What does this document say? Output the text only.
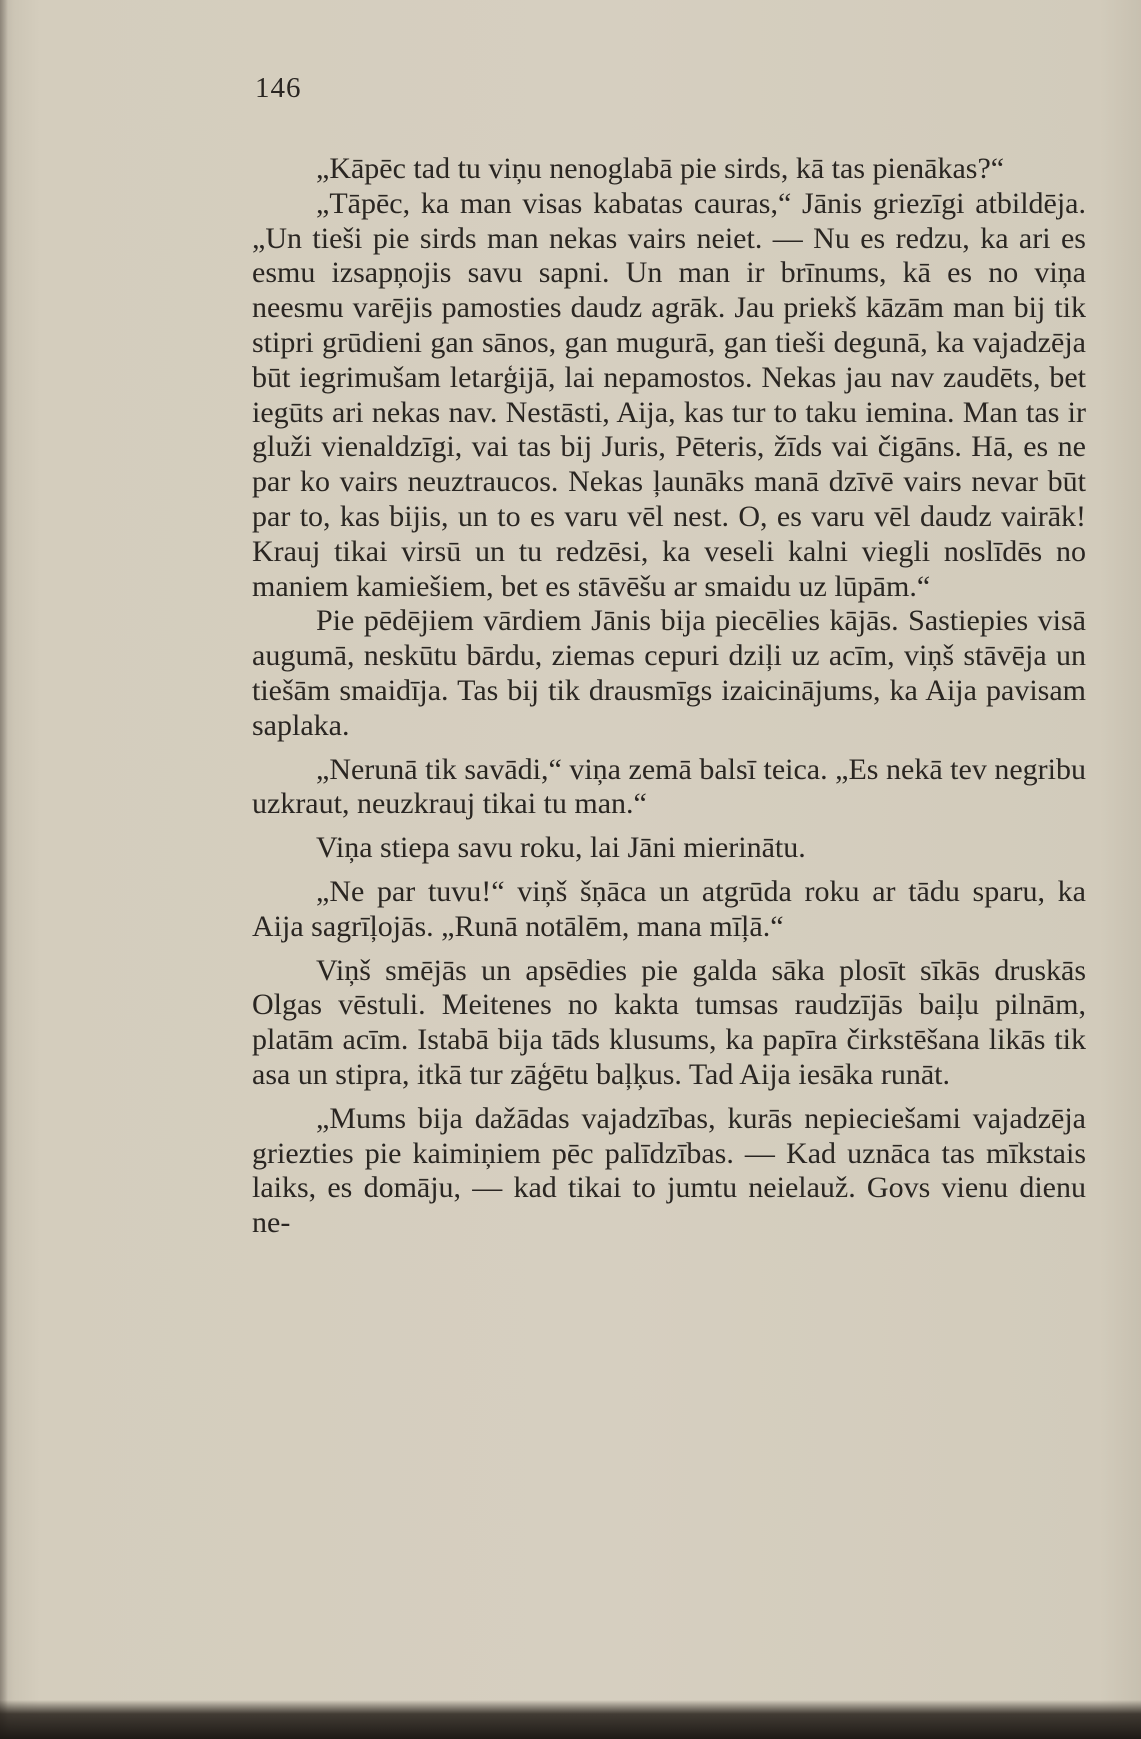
146

„Kāpēc tad tu viņu nenoglabā pie sirds, kā tas pienākas?“

„Tāpēc, ka man visas kabatas cauras,“ Jānis griezīgi atbildēja. „Un tieši pie sirds man nekas vairs neiet. — Nu es redzu, ka ari es esmu izsapņojis savu sapni. Un man ir brīnums, kā es no viņa neesmu varējis pamosties daudz agrāk. Jau priekš kāzām man bij tik stipri grūdieni gan sānos, gan mugurā, gan tieši degunā, ka vajadzēja būt iegrimušam letarģijā, lai nepamostos. Nekas jau nav zaudēts, bet iegūts ari nekas nav. Nestāsti, Aija, kas tur to taku iemina. Man tas ir gluži vienaldzīgi, vai tas bij Juris, Pēteris, žīds vai čigāns. Hā, es ne par ko vairs neuztraucos. Nekas ļaunāks manā dzīvē vairs nevar būt par to, kas bijis, un to es varu vēl nest. O, es varu vēl daudz vairāk! Krauj tikai virsū un tu redzēsi, ka veseli kalni viegli noslīdēs no maniem kamiešiem, bet es stāvēšu ar smaidu uz lūpām.“

Pie pēdējiem vārdiem Jānis bija piecēlies kājās. Sastiepies visā augumā, neskūtu bārdu, ziemas cepuri dziļi uz acīm, viņš stāvēja un tiešām smaidīja. Tas bij tik drausmīgs izaicinājums, ka Aija pavisam saplaka.

„Nerunā tik savādi,“ viņa zemā balsī teica. „Es nekā tev negribu uzkraut, neuzkrauj tikai tu man.“

Viņa stiepa savu roku, lai Jāni mierinātu.

„Ne par tuvu!“ viņš šņāca un atgrūda roku ar tādu sparu, ka Aija sagrīļojās. „Runā notālēm, mana mīļā.“

Viņš smējās un apsēdies pie galda sāka plosīt sīkās druskās Olgas vēstuli. Meitenes no kakta tumsas raudzījās baiļu pilnām, platām acīm. Istabā bija tāds klusums, ka papīra čirkstēšana likās tik asa un stipra, itkā tur zāģētu baļķus. Tad Aija iesāka runāt.

„Mums bija dažādas vajadzības, kurās nepieciešami vajadzēja griezties pie kaimiņiem pēc palīdzības. — Kad uznāca tas mīkstais laiks, es domāju, — kad tikai to jumtu neielauž. Govs vienu dienu ne-
